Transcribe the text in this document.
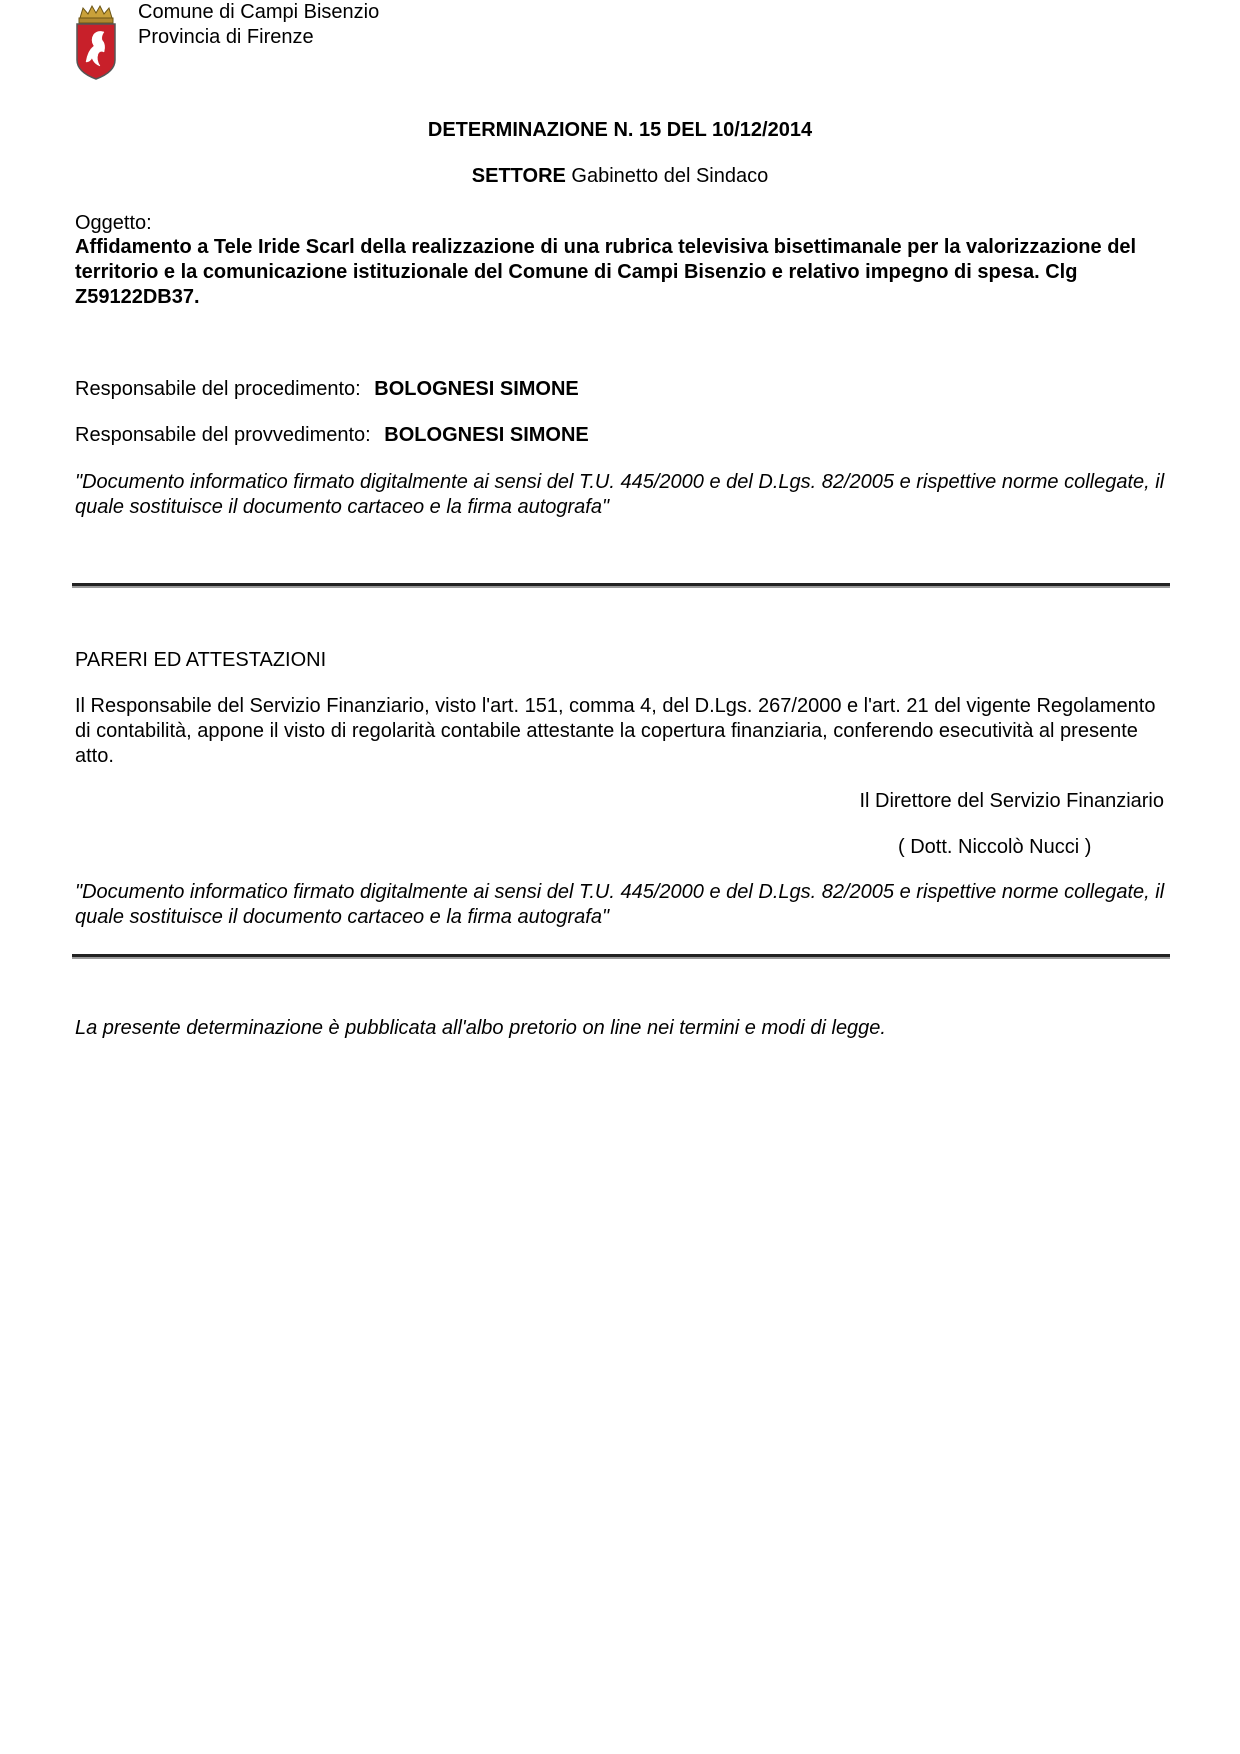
Comune di Campi Bisenzio
Provincia di Firenze
DETERMINAZIONE N. 15 DEL 10/12/2014
SETTORE Gabinetto del Sindaco
Oggetto:
Affidamento a Tele Iride Scarl della realizzazione di una rubrica televisiva bisettimanale per la valorizzazione del territorio e la comunicazione istituzionale del Comune di Campi Bisenzio e relativo impegno di spesa. Clg Z59122DB37.
Responsabile del procedimento: BOLOGNESI SIMONE
Responsabile del provvedimento: BOLOGNESI SIMONE
"Documento informatico firmato digitalmente ai sensi del T.U. 445/2000 e del D.Lgs. 82/2005 e rispettive norme collegate, il quale sostituisce il documento cartaceo e la firma autografa"
PARERI ED ATTESTAZIONI
Il Responsabile del Servizio Finanziario, visto l'art. 151, comma 4, del D.Lgs. 267/2000 e l'art. 21 del vigente Regolamento di contabilità, appone il visto di regolarità contabile attestante la copertura finanziaria, conferendo esecutività al presente atto.
Il Direttore del Servizio Finanziario
( Dott. Niccolò Nucci )
"Documento informatico firmato digitalmente ai sensi del T.U. 445/2000 e del D.Lgs. 82/2005 e rispettive norme collegate, il quale sostituisce il documento cartaceo e la firma autografa"
La presente determinazione è pubblicata all'albo pretorio on line nei termini e modi di legge.
